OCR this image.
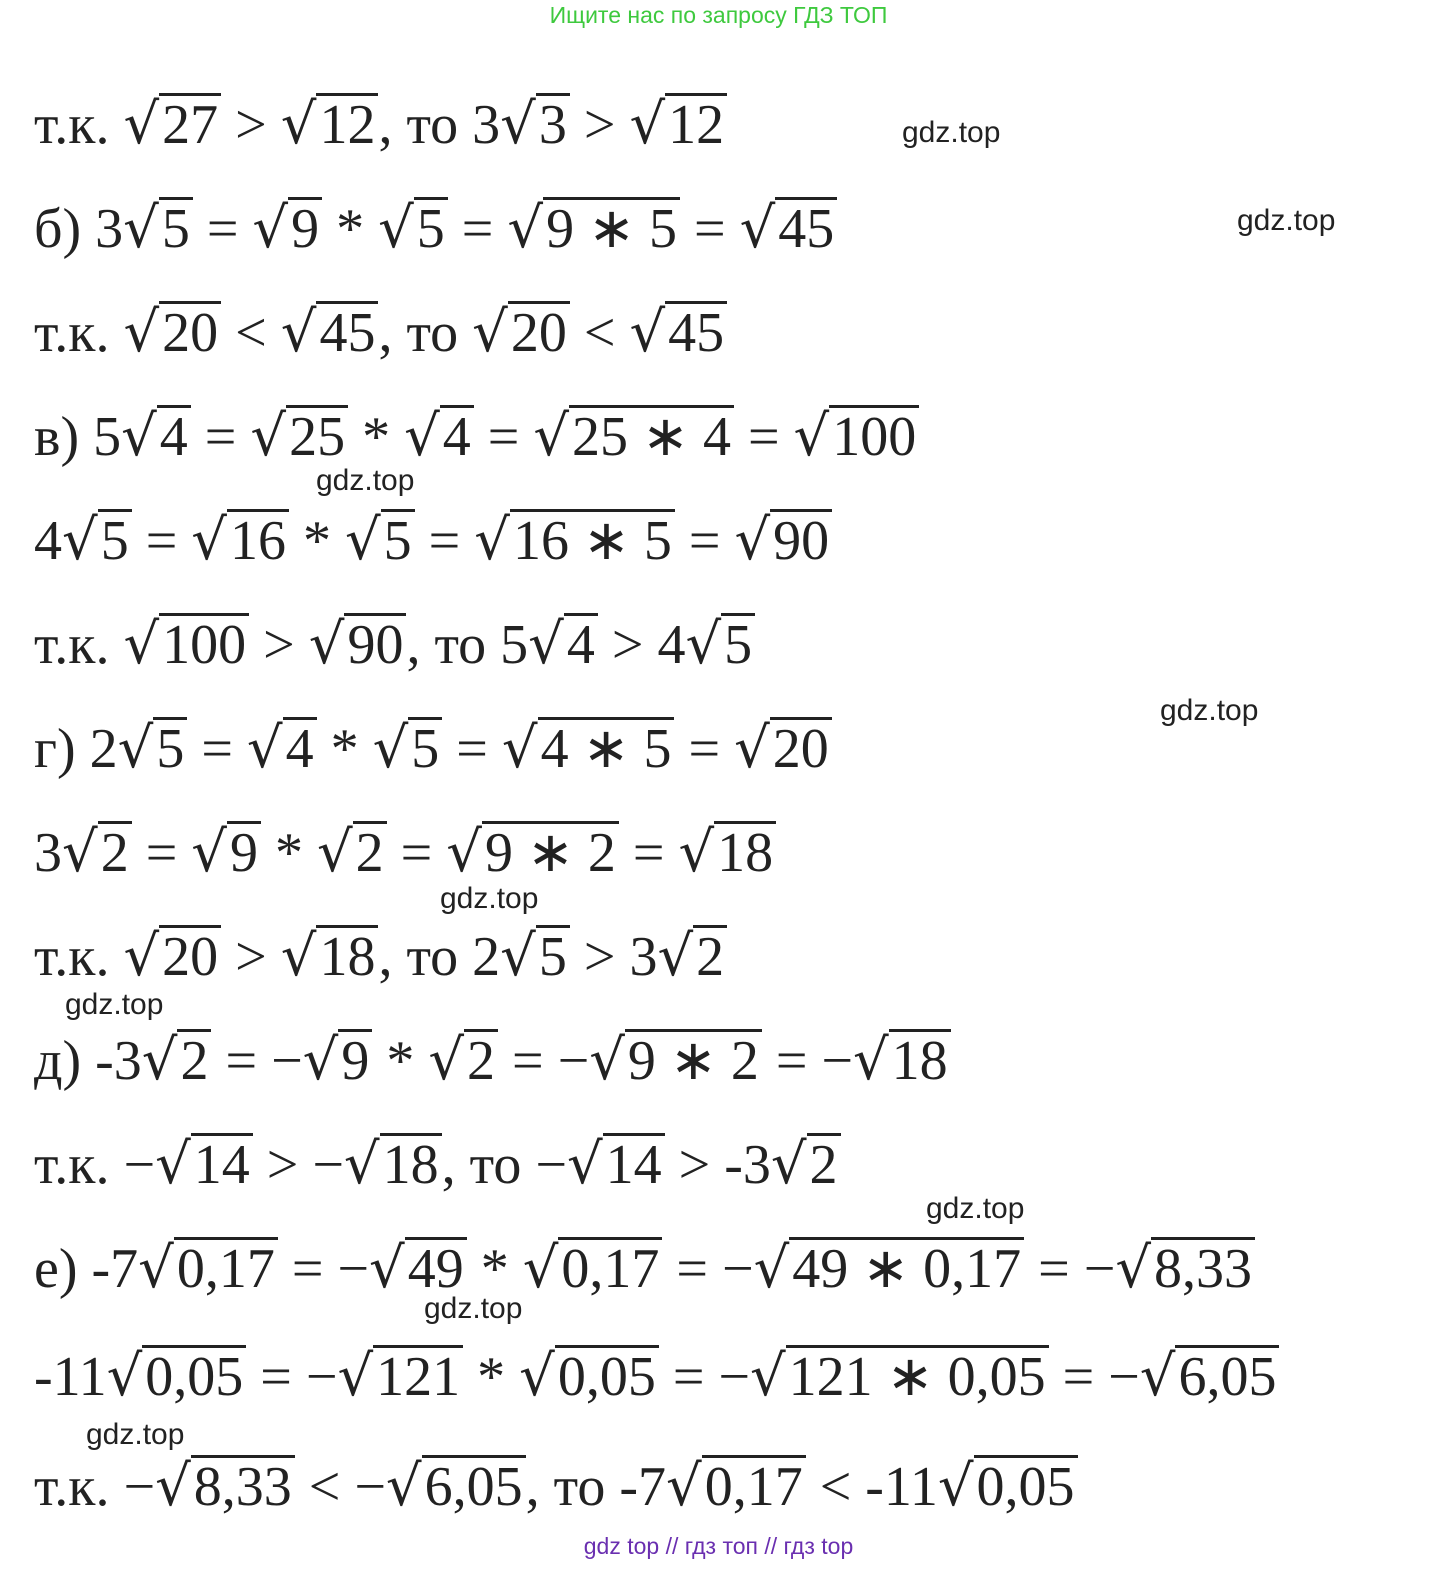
Ищите нас по запросу ГДЗ ТОП
т.к. √27 > √12, то 3√3 > √12
б) 3√5 = √9 * √5 = √9 ∗ 5 = √45
т.к. √20 < √45, то √20 < √45
в) 5√4 = √25 * √4 = √25 ∗ 4 = √100
4√5 = √16 * √5 = √16 ∗ 5 = √90
т.к. √100 > √90, то 5√4 > 4√5
г) 2√5 = √4 * √5 = √4 ∗ 5 = √20
3√2 = √9 * √2 = √9 ∗ 2 = √18
т.к. √20 > √18, то 2√5 > 3√2
д) -3√2 = −√9 * √2 = −√9 ∗ 2 = −√18
т.к. −√14 > −√18, то −√14 > -3√2
е) -7√0,17 = −√49 * √0,17 = −√49 ∗ 0,17 = −√8,33
-11√0,05 = −√121 * √0,05 = −√121 ∗ 0,05 = −√6,05
т.к. −√8,33 < −√6,05, то -7√0,17 < -11√0,05
gdz.top
gdz.top
gdz.top
gdz.top
gdz.top
gdz.top
gdz.top
gdz.top
gdz.top
gdz top // гдз топ // гдз top
